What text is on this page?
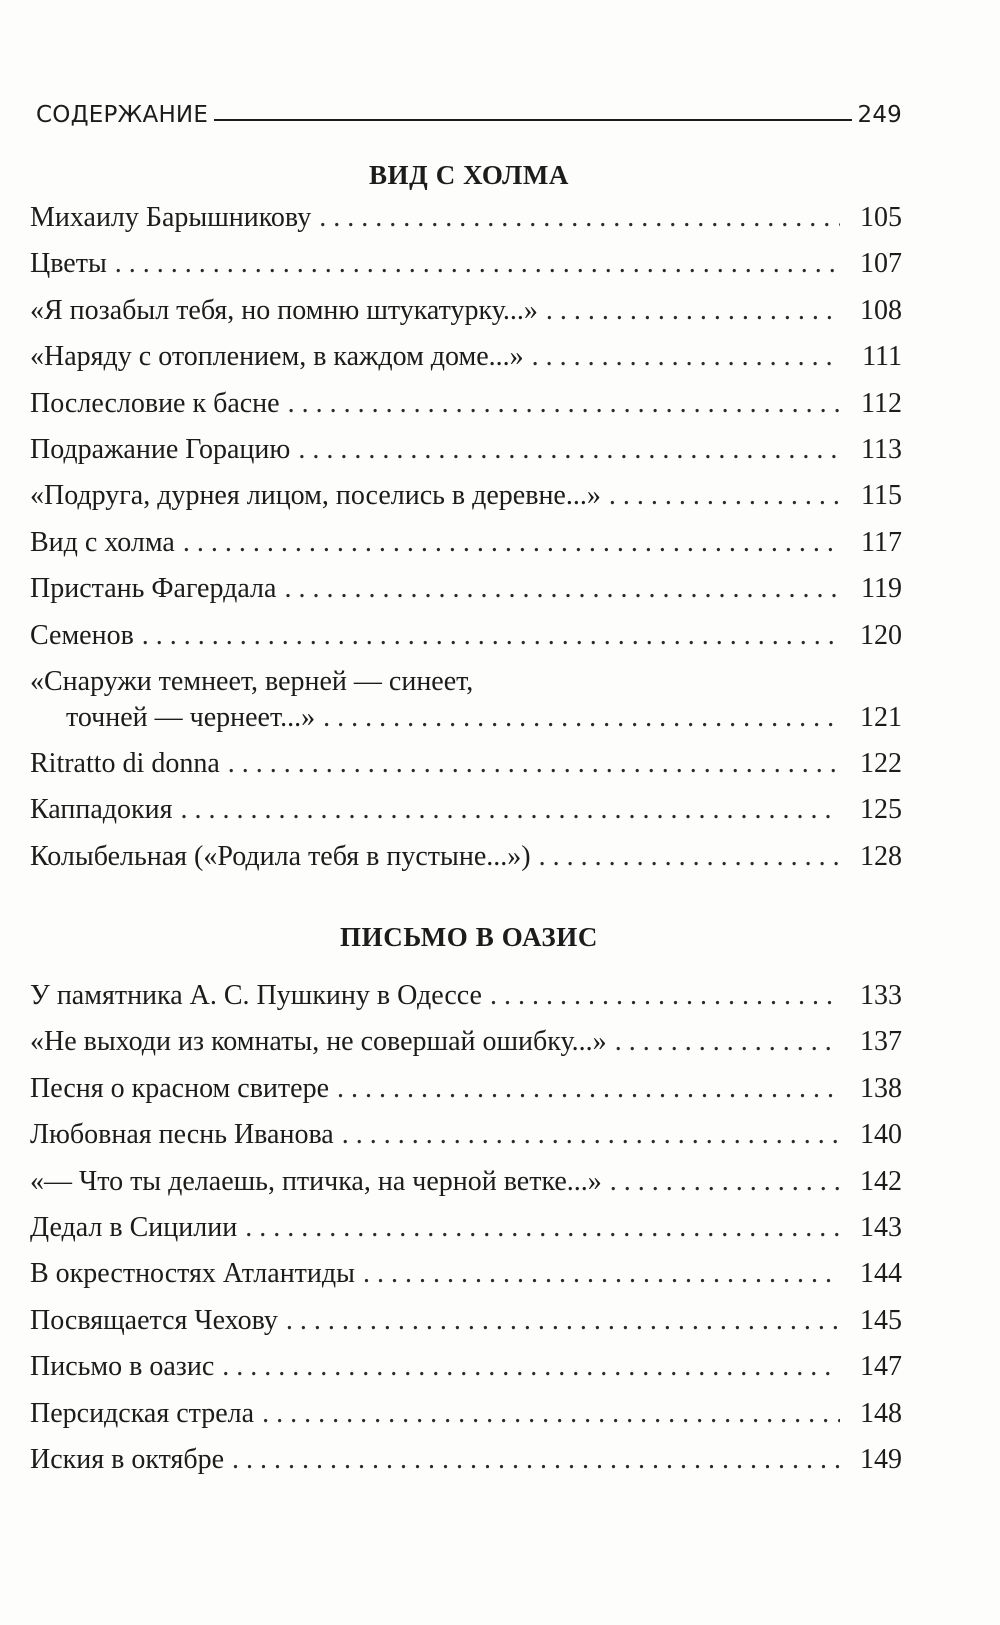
СОДЕРЖАНИЕ	249
ВИД С ХОЛМА
Михаилу Барышникову . . .	105
Цветы . . .	107
«Я позабыл тебя, но помню штукатурку...» . . .	108
«Наряду с отоплением, в каждом доме...» . . .	111
Послесловие к басне . . .	112
Подражание Горацию . . .	113
«Подруга, дурнея лицом, поселись в деревне...» . . .	115
Вид с холма . . .	117
Пристань Фагердала . . .	119
Семенов . . .	120
«Снаружи темнеет, верней — синеет,
точней — чернеет...» . . .	121
Ritratto di donna . . .	122
Каппадокия . . .	125
Колыбельная («Родила тебя в пустыне...») . . .	128
ПИСЬМО В ОАЗИС
У памятника А. С. Пушкину в Одессе . . .	133
«Не выходи из комнаты, не совершай ошибку...» . . .	137
Песня о красном свитере . . .	138
Любовная песнь Иванова . . .	140
«— Что ты делаешь, птичка, на черной ветке...» . . .	142
Дедал в Сицилии . . .	143
В окрестностях Атлантиды . . .	144
Посвящается Чехову . . .	145
Письмо в оазис . . .	147
Персидская стрела . . .	148
Иския в октябре . . .	149
